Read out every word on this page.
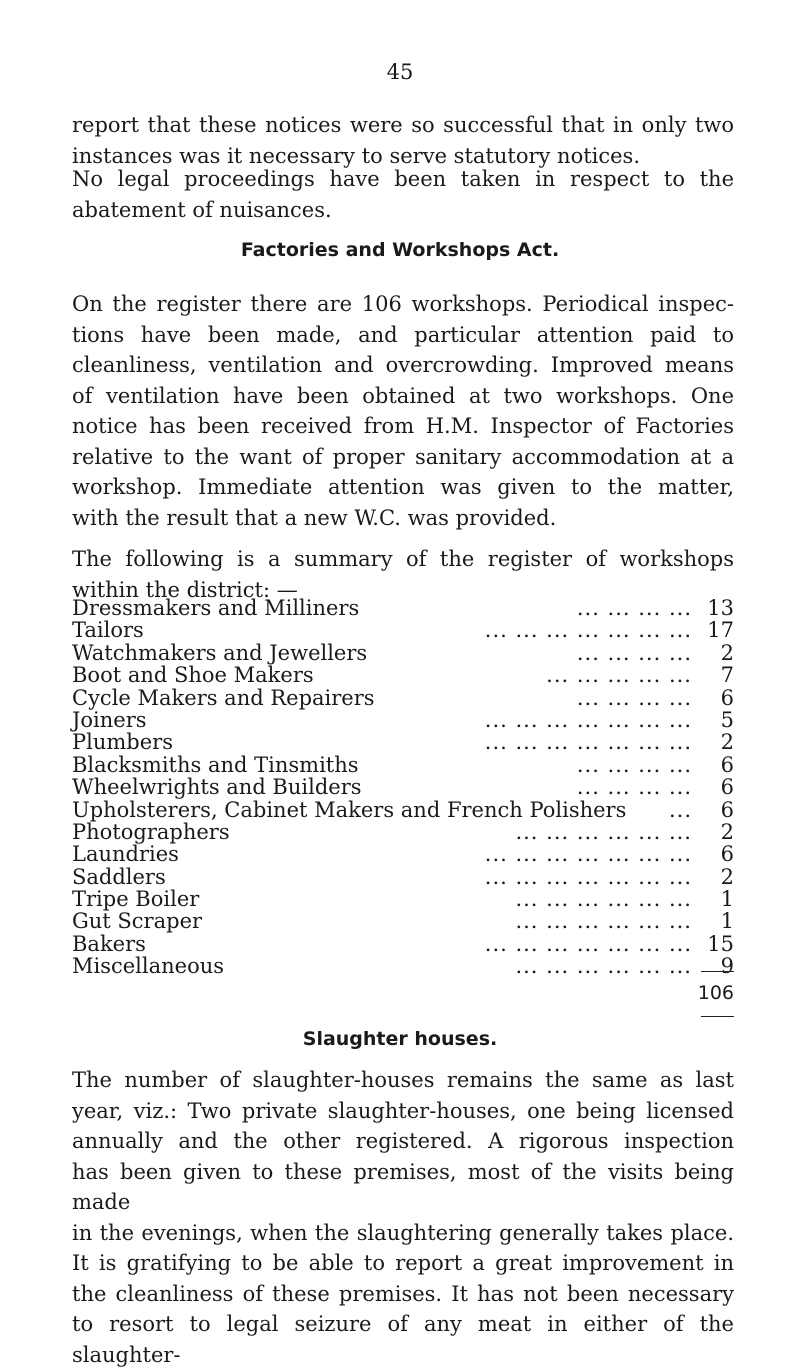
45

report that these notices were so successful that in only two
instances was it necessary to serve statutory notices.

No legal proceedings have been taken in respect to the
abatement of nuisances.

Factories and Workshops Act.

On the register there are 106 workshops. Periodical inspec-
tions have been made, and particular attention paid to
cleanliness, ventilation and overcrowding. Improved means
of ventilation have been obtained at two workshops. One
notice has been received from H.M. Inspector of Factories
relative to the want of proper sanitary accommodation at a
workshop. Immediate attention was given to the matter,
with the result that a new W.C. was provided.

The following is a summary of the register of workshops
within the district: —

Dressmakers and Milliners	... ... ... ... 13
Tailors	... ... ... ... ... ... ... 17
Watchmakers and Jewellers	... ... ... ...	2
Boot and Shoe Makers	... ... ... ... ...	7
Cycle Makers and Repairers	... ... ... ...	6
Joiners	... ... ... ... ... ... ...	5
Plumbers	... ... ... ... ... ... ...	2
Blacksmiths and Tinsmiths	... ... ... ...	6
Wheelwrights and Builders	... ... ... ...	6
Upholsterers, Cabinet Makers and French Polishers	...	6
Photographers	... ... ... ... ... ...	2
Laundries	... ... ... ... ... ... ...	6
Saddlers	... ... ... ... ... ... ...	2
Tripe Boiler	... ... ... ... ... ...	1
Gut Scraper	... ... ... ... ... ...	1
Bakers	... ... ... ... ... ... ... 15
Miscellaneous	... ... ... ... ... ...	9
106
Slaughter houses.

The number of slaughter-houses remains the same as last
year, viz.: Two private slaughter-houses, one being licensed
annually and the other registered. A rigorous inspection
has been given to these premises, most of the visits being made
in the evenings, when the slaughtering generally takes place.
It is gratifying to be able to report a great improvement in
the cleanliness of these premises. It has not been necessary
to resort to legal seizure of any meat in either of the slaughter-
